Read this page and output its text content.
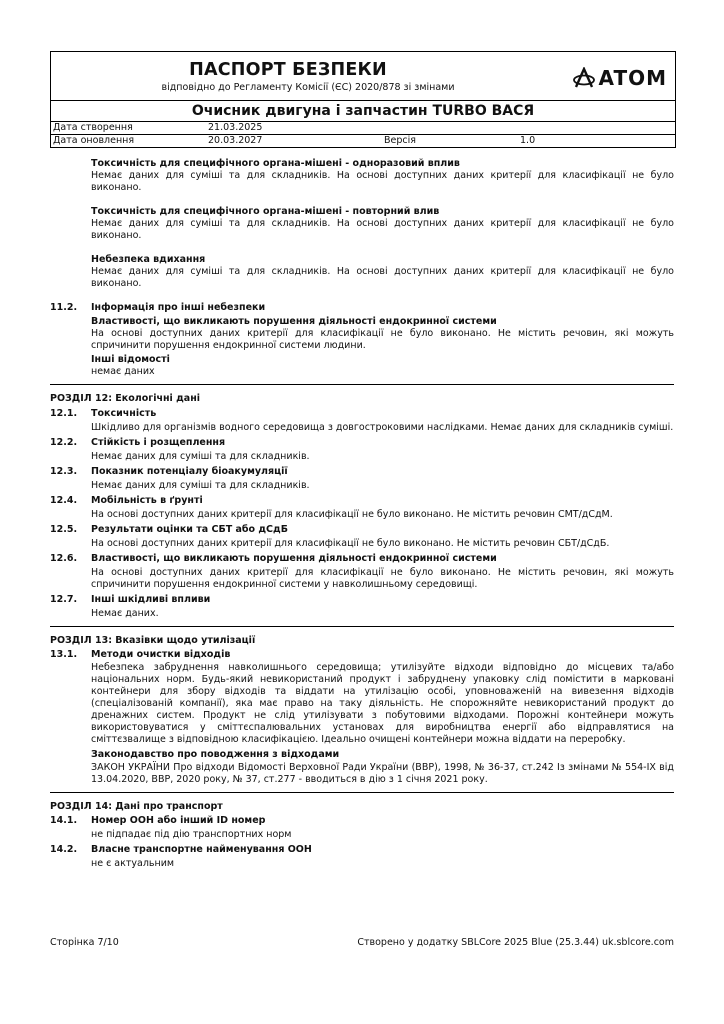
ПАСПОРТ БЕЗПЕКИ
відповідно до Регламенту Комісії (ЄС) 2020/878 зі змінами	ATOM
Очисник двигуна і запчастин TURBO ВАСЯ
Дата створення	21.03.2025
Дата оновлення	20.03.2027	Версія	1.0
Токсичність для специфічного органа-мішені - одноразовий вплив
Немає даних для суміші та для складників. На основі доступних даних критерії для класифікації не було виконано.
Токсичність для специфічного органа-мішені - повторний влив
Немає даних для суміші та для складників. На основі доступних даних критерії для класифікації не було виконано.
Небезпека вдихання
Немає даних для суміші та для складників. На основі доступних даних критерії для класифікації не було виконано.
11.2. Інформація про інші небезпеки
Властивості, що викликають порушення діяльності ендокринної системи
На основі доступних даних критерії для класифікації не було виконано. Не містить речовин, які можуть спричинити порушення ендокринної системи людини.
Інші відомості
немає даних
РОЗДІЛ 12: Екологічні дані
12.1. Токсичність
Шкідливо для організмів водного середовища з довгостроковими наслідками. Немає даних для складників суміші.
12.2. Стійкість і розщеплення
Немає даних для суміші та для складників.
12.3. Показник потенціалу біоакумуляції
Немає даних для суміші та для складників.
12.4. Мобільність в ґрунті
На основі доступних даних критерії для класифікації не було виконано. Не містить речовин СМТ/дСдМ.
12.5. Результати оцінки та СБТ або дСдБ
На основі доступних даних критерії для класифікації не було виконано. Не містить речовин СБТ/дСдБ.
12.6. Властивості, що викликають порушення діяльності ендокринної системи
На основі доступних даних критерії для класифікації не було виконано. Не містить речовин, які можуть спричинити порушення ендокринної системи у навколишньому середовищі.
12.7. Інші шкідливі впливи
Немає даних.
РОЗДІЛ 13: Вказівки щодо утилізації
13.1. Методи очистки відходів
Небезпека забруднення навколишнього середовища; утилізуйте відходи відповідно до місцевих та/або національних норм. Будь-який невикористаний продукт і забруднену упаковку слід помістити в марковані контейнери для збору відходів та віддати на утилізацію особі, уповноваженій на вивезення відходів (спеціалізованій компанії), яка має право на таку діяльність. Не спорожняйте невикористаний продукт до дренажних систем. Продукт не слід утилізувати з побутовими відходами. Порожні контейнери можуть використовуватися у сміттєспалювальних установах для виробництва енергії або відправлятися на сміттєзвалище з відповідною класифікацією. Ідеально очищені контейнери можна віддати на переробку.
Законодавство про поводження з відходами
ЗАКОН УКРАЇНИ Про відходи Відомості Верховної Ради України (ВВР), 1998, № 36-37, ст.242 Із змінами № 554-IX від 13.04.2020, ВВР, 2020 року, № 37, ст.277 - вводиться в дію з 1 січня 2021 року.
РОЗДІЛ 14: Дані про транспорт
14.1. Номер ООН або інший ID номер
не підпадає під дію транспортних норм
14.2. Власне транспортне найменування ООН
не є актуальним
Сторінка 7/10	Створено у додатку SBLCore 2025 Blue (25.3.44) uk.sblcore.com
